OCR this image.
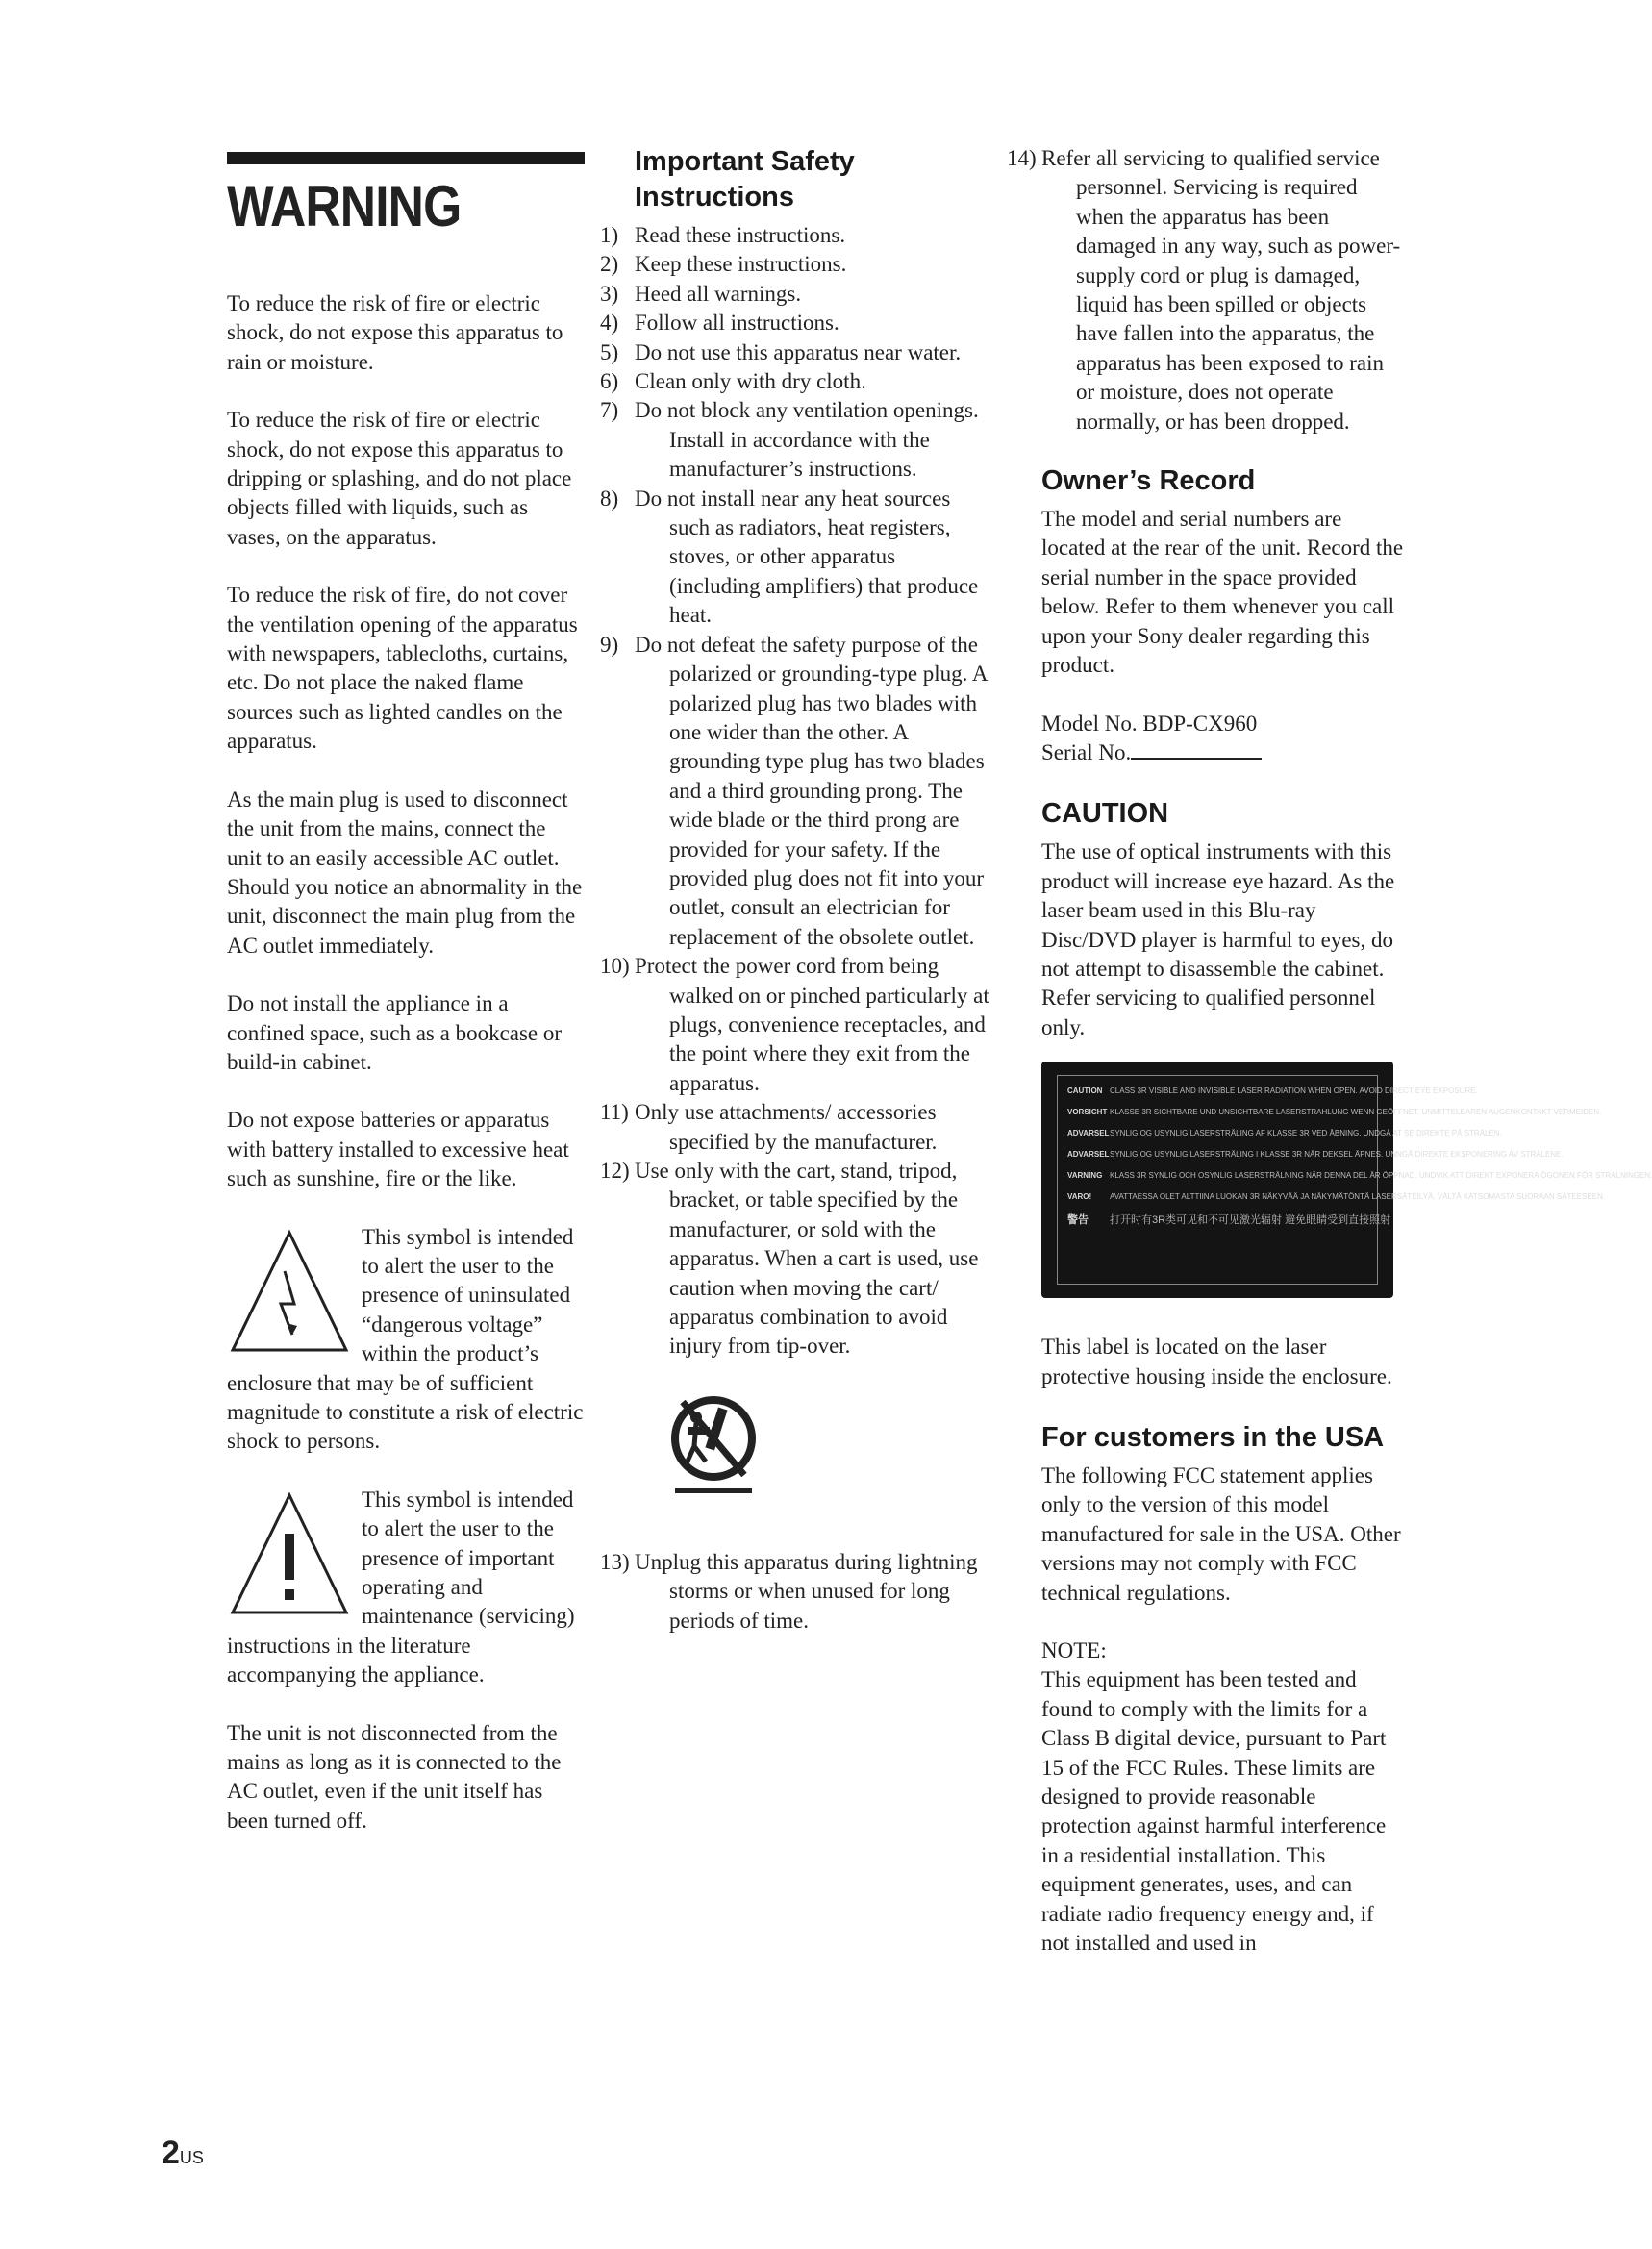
WARNING

To reduce the risk of fire or electric shock, do not expose this apparatus to rain or moisture.

To reduce the risk of fire or electric shock, do not expose this apparatus to dripping or splashing, and do not place objects filled with liquids, such as vases, on the apparatus.

To reduce the risk of fire, do not cover the ventilation opening of the apparatus with newspapers, tablecloths, curtains, etc. Do not place the naked flame sources such as lighted candles on the apparatus.

As the main plug is used to disconnect the unit from the mains, connect the unit to an easily accessible AC outlet. Should you notice an abnormality in the unit, disconnect the main plug from the AC outlet immediately.

Do not install the appliance in a confined space, such as a bookcase or build-in cabinet.

Do not expose batteries or apparatus with battery installed to excessive heat such as sunshine, fire or the like.

This symbol is intended to alert the user to the presence of uninsulated “dangerous voltage” within the product’s enclosure that may be of sufficient magnitude to constitute a risk of electric shock to persons.

This symbol is intended to alert the user to the presence of important operating and maintenance (servicing) instructions in the literature accompanying the appliance.

The unit is not disconnected from the mains as long as it is connected to the AC outlet, even if the unit itself has been turned off.

Important Safety Instructions
1) Read these instructions.
2) Keep these instructions.
3) Heed all warnings.
4) Follow all instructions.
5) Do not use this apparatus near water.
6) Clean only with dry cloth.
7) Do not block any ventilation openings. Install in accordance with the manufacturer’s instructions.
8) Do not install near any heat sources such as radiators, heat registers, stoves, or other apparatus (including amplifiers) that produce heat.
9) Do not defeat the safety purpose of the polarized or grounding-type plug. A polarized plug has two blades with one wider than the other. A grounding type plug has two blades and a third grounding prong. The wide blade or the third prong are provided for your safety. If the provided plug does not fit into your outlet, consult an electrician for replacement of the obsolete outlet.
10) Protect the power cord from being walked on or pinched particularly at plugs, convenience receptacles, and the point where they exit from the apparatus.
11) Only use attachments/ accessories specified by the manufacturer.
12) Use only with the cart, stand, tripod, bracket, or table specified by the manufacturer, or sold with the apparatus. When a cart is used, use caution when moving the cart/ apparatus combination to avoid injury from tip-over.
13) Unplug this apparatus during lightning storms or when unused for long periods of time.
14) Refer all servicing to qualified service personnel. Servicing is required when the apparatus has been damaged in any way, such as power-supply cord or plug is damaged, liquid has been spilled or objects have fallen into the apparatus, the apparatus has been exposed to rain or moisture, does not operate normally, or has been dropped.
Owner’s Record

The model and serial numbers are located at the rear of the unit. Record the serial number in the space provided below. Refer to them whenever you call upon your Sony dealer regarding this product.

Model No. BDP-CX960

Serial No.

CAUTION

The use of optical instruments with this product will increase eye hazard. As the laser beam used in this Blu-ray Disc/DVD player is harmful to eyes, do not attempt to disassemble the cabinet.

Refer servicing to qualified personnel only.

CAUTION CLASS 3R VISIBLE AND INVISIBLE LASER RADIATION WHEN OPEN. AVOID DIRECT EYE EXPOSURE.
VORSICHT KLASSE 3R SICHTBARE UND UNSICHTBARE LASERSTRAHLUNG WENN GEÖFFNET. UNMITTELBAREN AUGENKONTAKT VERMEIDEN.
ADVARSEL SYNLIG OG USYNLIG LASERSTRÅLING AF KLASSE 3R VED ÅBNING. UNDGÅ AT SE DIREKTE PÅ STRÅLEN.
ADVARSEL SYNLIG OG USYNLIG LASERSTRÅLING I KLASSE 3R NÅR DEKSEL ÅPNES. UNNGÅ DIREKTE EKSPONERING AV STRÅLENE.
VARNING KLASS 3R SYNLIG OCH OSYNLIG LASERSTRÅLNING NÄR DENNA DEL ÄR ÖPPNAD. UNDVIK ATT DIREKT EXPONERA ÖGONEN FÖR STRÅLNINGEN.
VARO!	AVATTAESSA OLET ALTTIINA LUOKAN 3R NÄKYVÄÄ JA NÄKYMÄTÖNTÄ LASERSÄTEILYÄ. VÄLTÄ KATSOMASTA SUORAAN SÄTEESEEN.
警告	打开时有3R类可见和不可见激光辐射 避免眼睛受到直接照射

This label is located on the laser protective housing inside the enclosure.

For customers in the USA

The following FCC statement applies only to the version of this model manufactured for sale in the USA. Other versions may not comply with FCC technical regulations.

NOTE:

This equipment has been tested and found to comply with the limits for a Class B digital device, pursuant to Part 15 of the FCC Rules. These limits are designed to provide reasonable protection against harmful interference in a residential installation. This equipment generates, uses, and can radiate radio frequency energy and, if not installed and used in

2US
